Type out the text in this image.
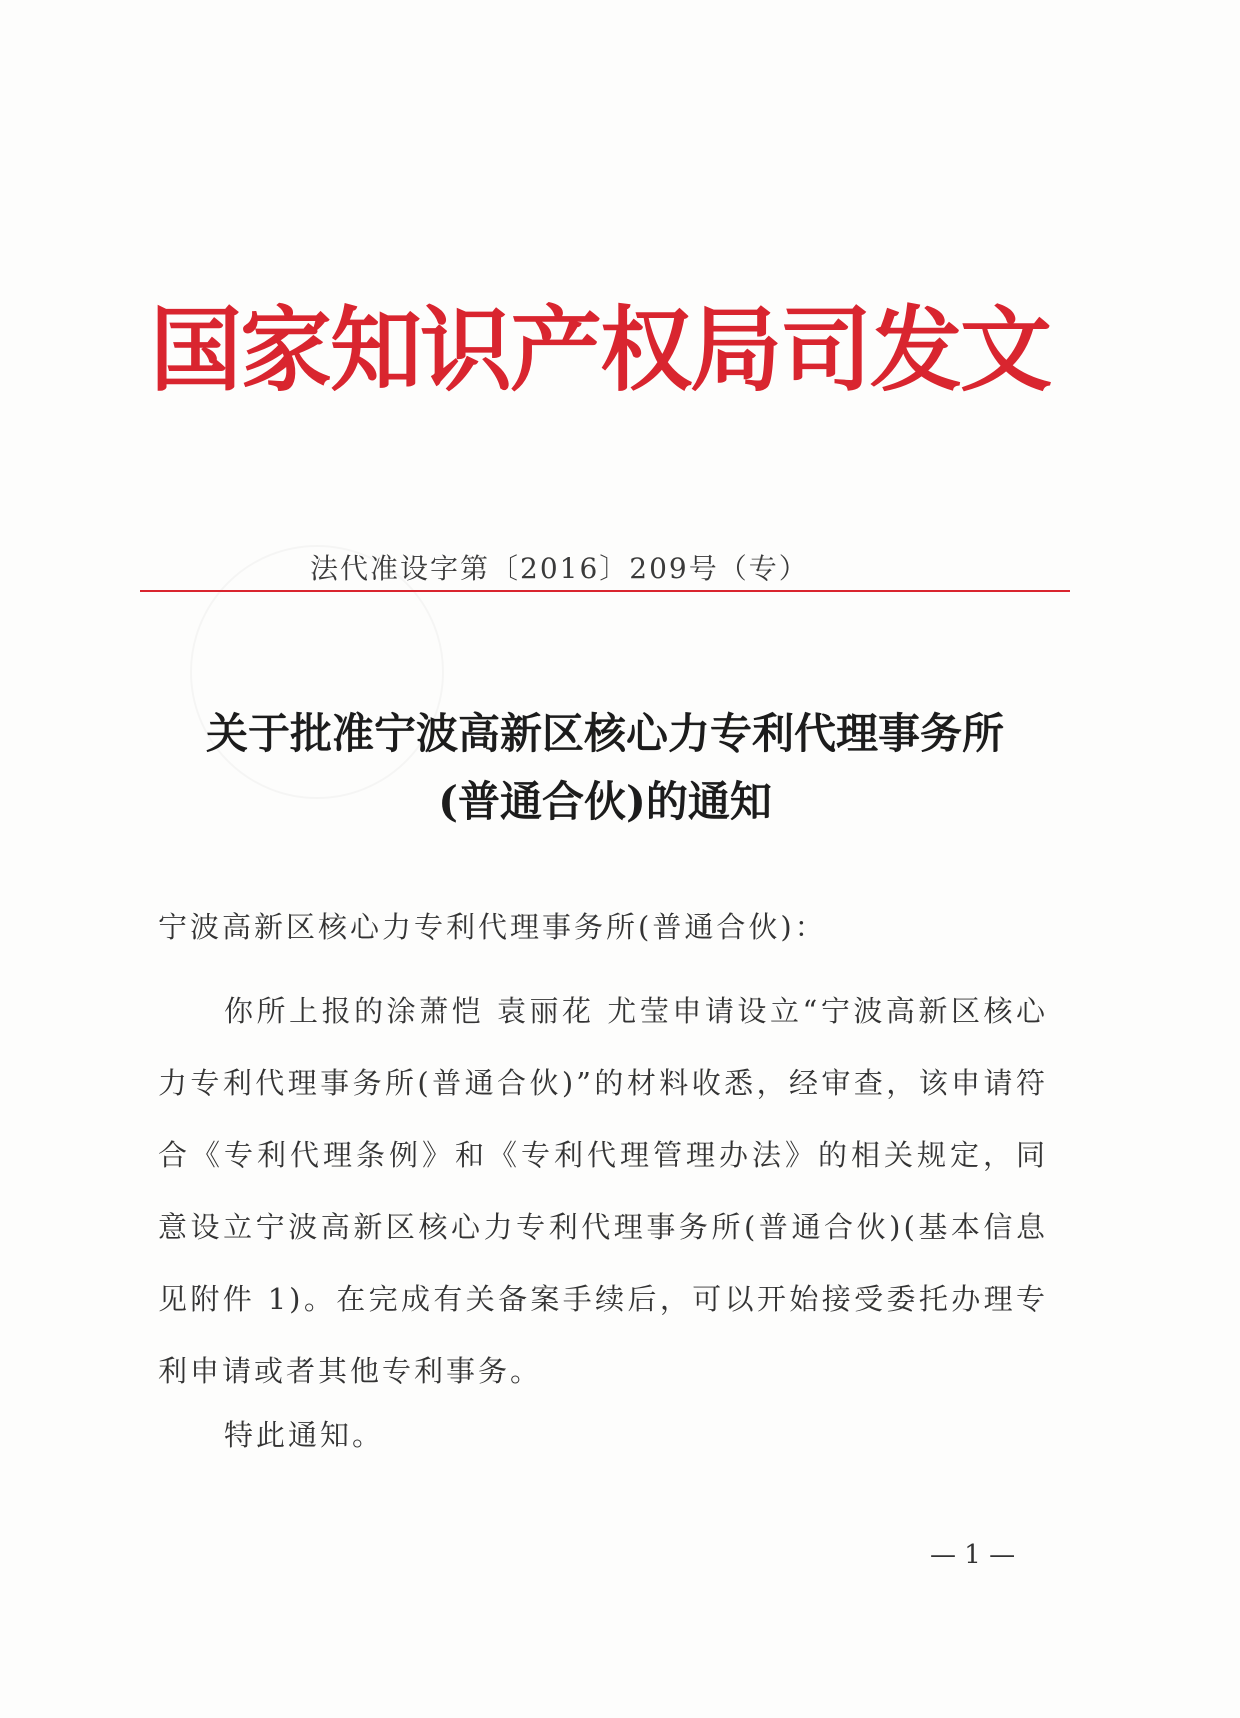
国家知识产权局司发文
法代准设字第〔2016〕209号（专）
关于批准宁波高新区核心力专利代理事务所
(普通合伙)的通知
宁波高新区核心力专利代理事务所(普通合伙)：
你所上报的涂萧恺 袁丽花 尤莹申请设立“宁波高新区核心力专利代理事务所(普通合伙)”的材料收悉，经审查，该申请符合《专利代理条例》和《专利代理管理办法》的相关规定，同意设立宁波高新区核心力专利代理事务所(普通合伙)(基本信息见附件 1)。在完成有关备案手续后，可以开始接受委托办理专利申请或者其他专利事务。
特此通知。
— 1 —
